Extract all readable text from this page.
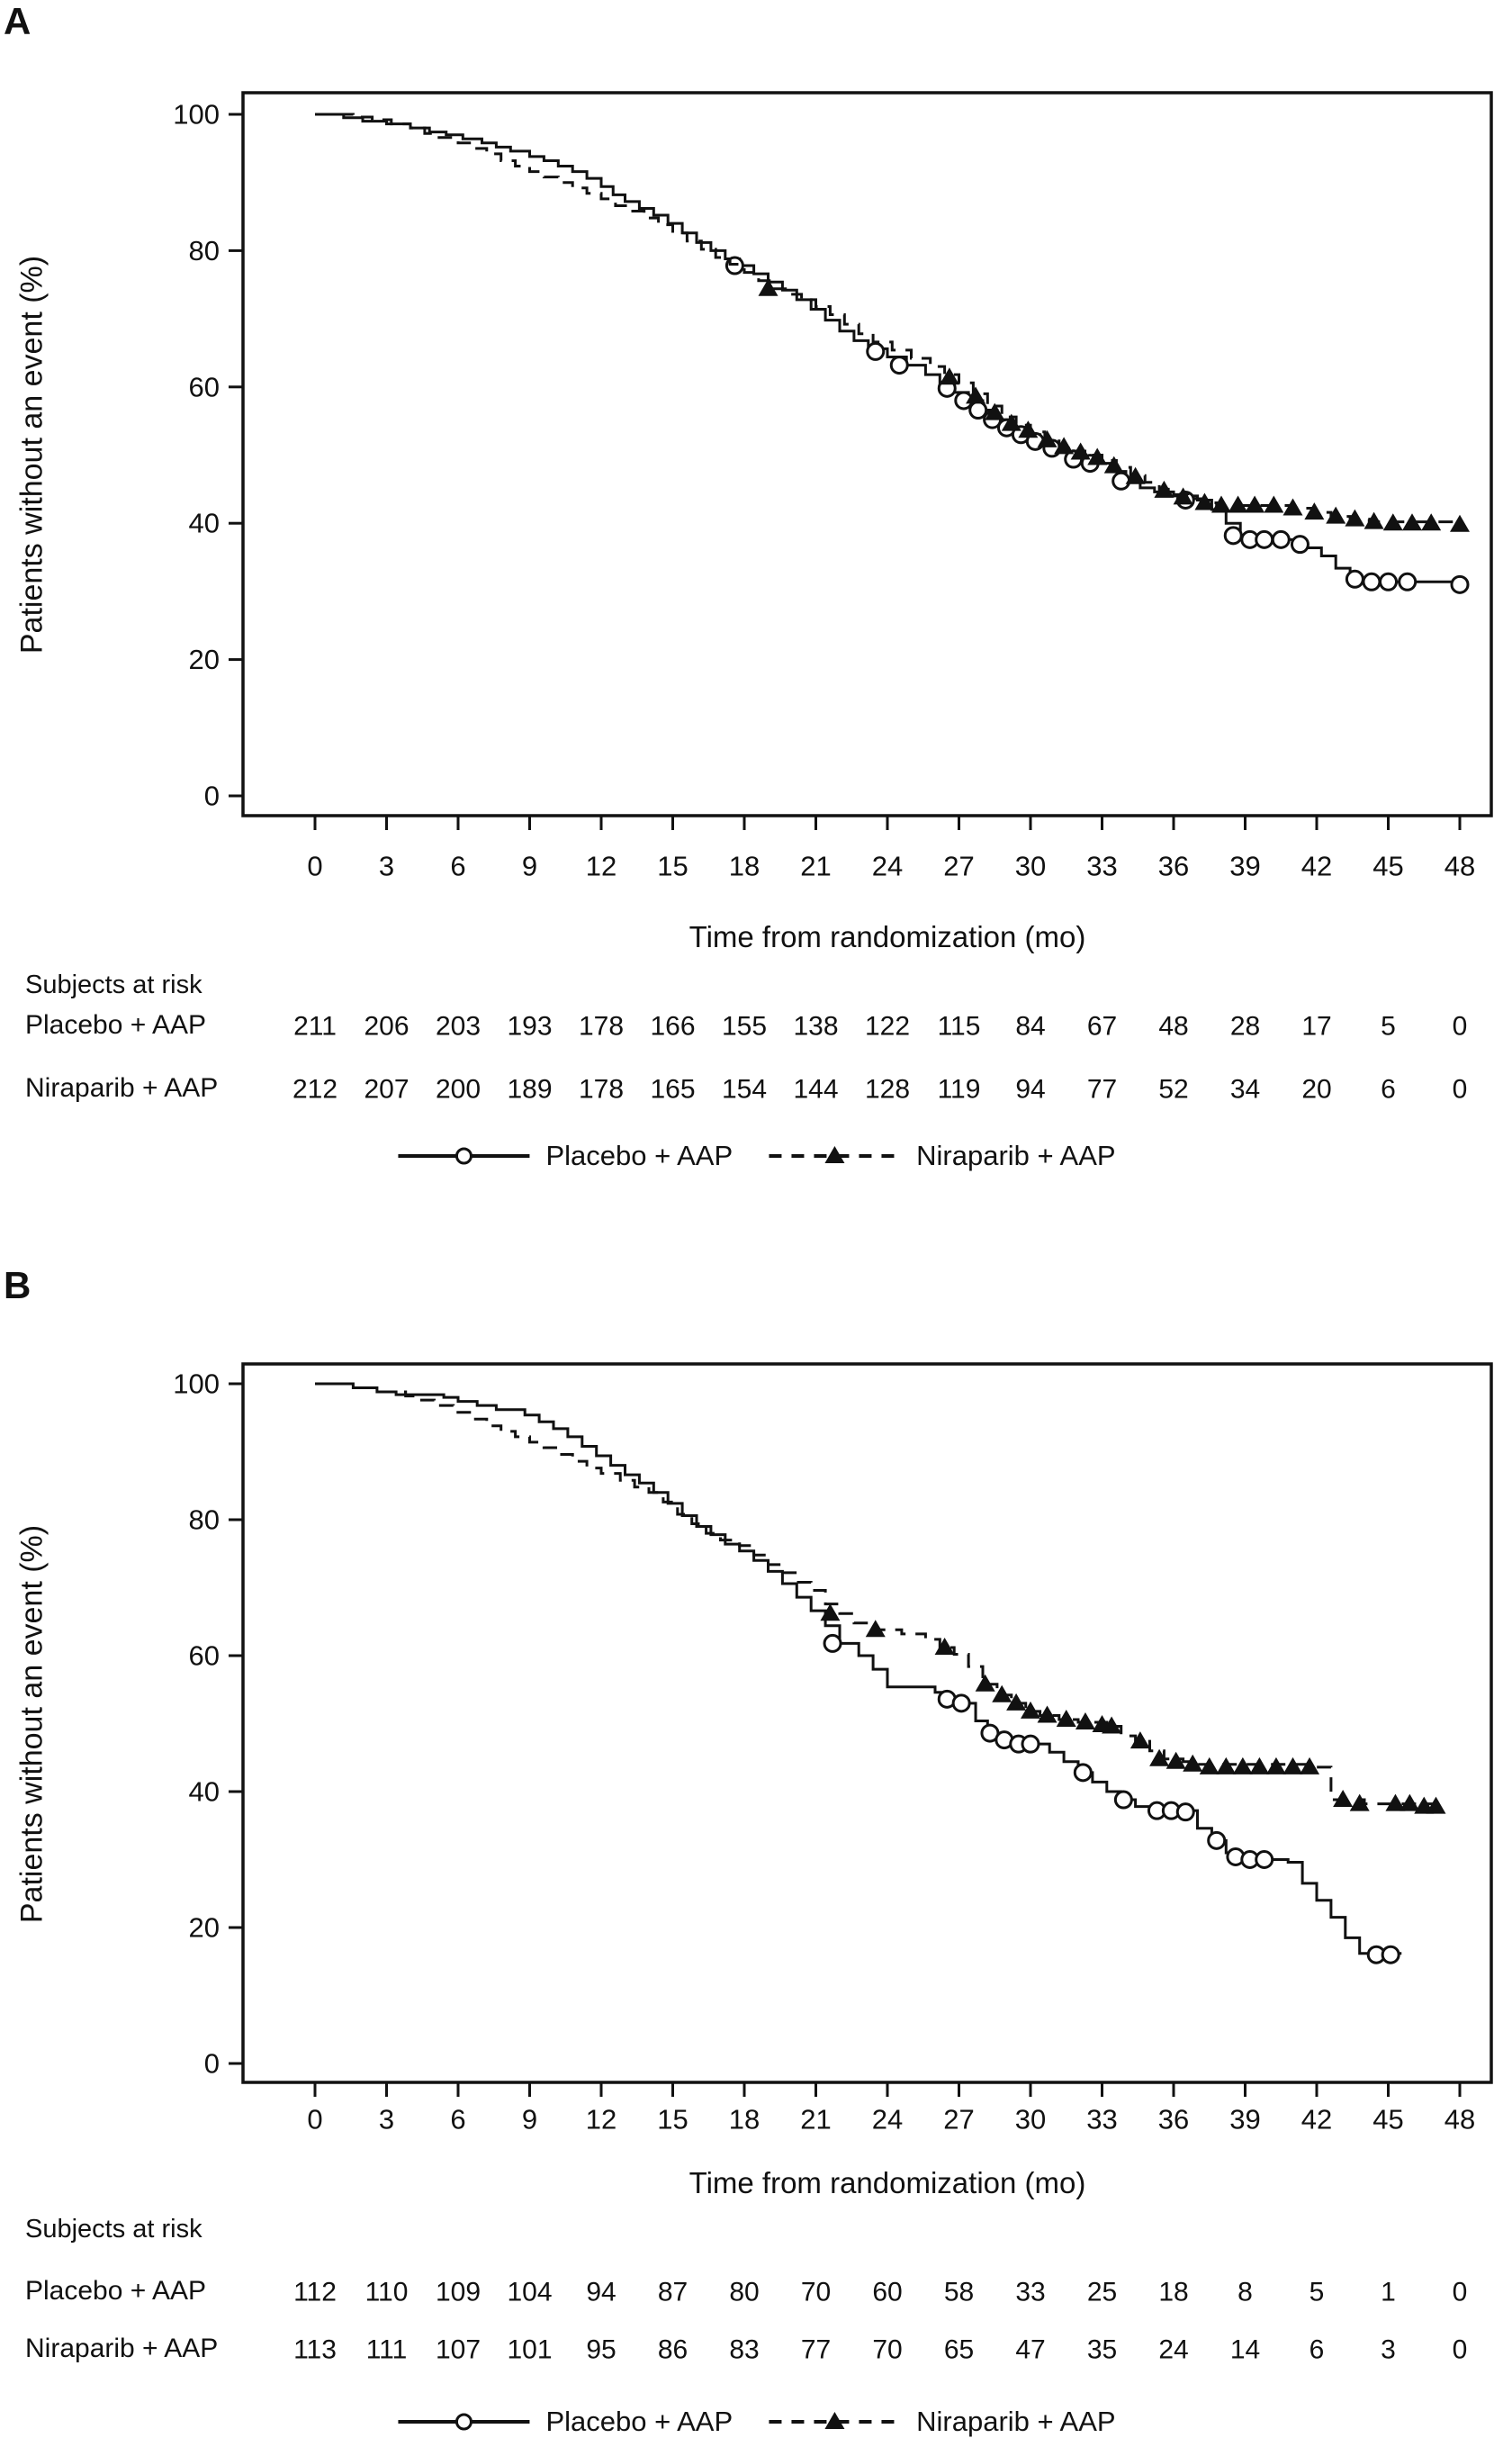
A
B
Patients without an event (%)
Patients without an event (%)
100
80
60
40
20
0
0 3 6 9 12 15 18 21 24 27 30 33 36 39 42 45 48
211 206 203 193 178 166 155 138 122 115 84 67 48 28 17 5 0
212 207 200 189 178 165 154 144 128 119 94 77 52 34 20 6 0
100
80
60
40
20
0
0 3 6 9 12 15 18 21 24 27 30 33 36 39 42 45 48
112 110 109 104 94 87 80 70 60 58 33 25 18 8 5 1 0
113 111 107 101 95 86 83 77 70 65 47 35 24 14 6 3 0
Time from randomization (mo)
Time from randomization (mo)
Subjects at risk
Subjects at risk
Placebo + AAP
Niraparib + AAP
Placebo + AAP
Niraparib + AAP
Placebo + AAP	Niraparib + AAP
Placebo + AAP	Niraparib + AAP
